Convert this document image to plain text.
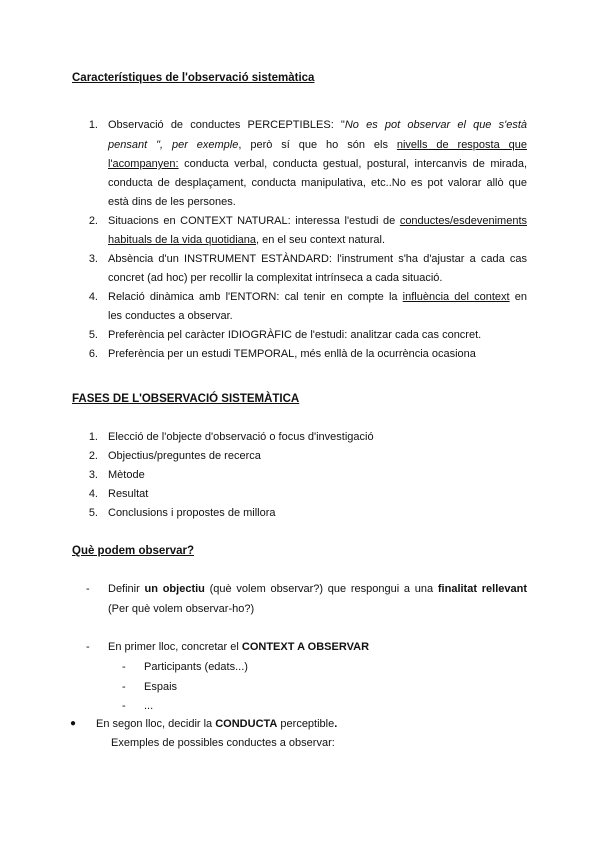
Característiques de l'observació sistemàtica
1. Observació de conductes PERCEPTIBLES: "No es pot observar el que s'està
pensant ", per exemple, però sí que ho són els nivells de resposta que
l'acompanyen: conducta verbal, conducta gestual, postural, intercanvis de mirada,
conducta de desplaçament, conducta manipulativa, etc..No es pot valorar allò que
està dins de les persones.
2. Situacions en CONTEXT NATURAL: interessa l'estudi de conductes/esdeveniments
habituals de la vida quotidiana, en el seu context natural.
3. Absència d'un INSTRUMENT ESTÀNDARD: l'instrument s'ha d'ajustar a cada cas
concret (ad hoc) per recollir la complexitat intrínseca a cada situació.
4. Relació dinàmica amb l'ENTORN: cal tenir en compte la influència del context en
les conductes a observar.
5. Preferència pel caràcter IDIOGRÀFIC de l'estudi: analitzar cada cas concret.
6. Preferència per un estudi TEMPORAL, més enllà de la ocurrència ocasiona
FASES DE L'OBSERVACIÓ SISTEMÀTICA
1. Elecció de l'objecte d'observació o focus d'investigació
2. Objectius/preguntes de recerca
3. Mètode
4. Resultat
5. Conclusions i propostes de millora
Què podem observar?
- Definir un objectiu (què volem observar?) que respongui a una finalitat rellevant
(Per què volem observar-ho?)
- En primer lloc, concretar el CONTEXT A OBSERVAR
- Participants (edats...)
- Espais
- ...
● En segon lloc, decidir la CONDUCTA perceptible.
Exemples de possibles conductes a observar:
